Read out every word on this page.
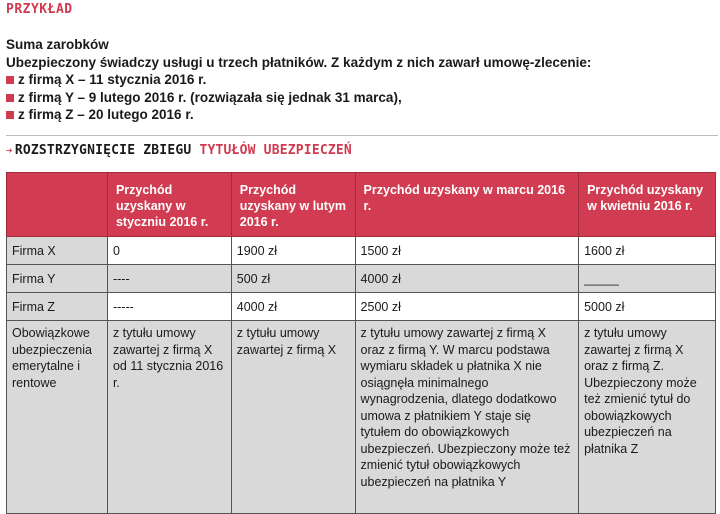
PRZYKŁAD
Suma zarobków
Ubezpieczony świadczy usługi u trzech płatników. Z każdym z nich zawarł umowę-zlecenie:
z firmą X – 11 stycznia 2016 r.
z firmą Y – 9 lutego 2016 r. (rozwiązała się jednak 31 marca),
z firmą Z – 20 lutego 2016 r.
➔ ROZSTRZYGNIĘCIE ZBIEGU TYTUŁÓW UBEZPIECZEŃ
	Przychód uzyskany w styczniu 2016 r.	Przychód uzyskany w lutym 2016 r.	Przychód uzyskany w marcu 2016 r.	Przychód uzyskany w kwietniu 2016 r.
Firma X	0	1900 zł	1500 zł	1600 zł
Firma Y	----	500 zł	4000 zł	_____
Firma Z	-----	4000 zł	2500 zł	5000 zł
Obowiązkowe ubezpieczenia emerytalne i rentowe	z tytułu umowy zawartej z firmą X od 11 stycznia 2016 r.	z tytułu umowy zawartej z firmą X	z tytułu umowy zawartej z firmą X oraz z firmą Y. W marcu podstawa wymiaru składek u płatnika X nie osiągnęła minimalnego wynagrodzenia, dlatego dodatkowo umowa z płatnikiem Y staje się tytułem do obowiązkowych ubezpieczeń. Ubezpieczony może też zmienić tytuł obowiązkowych ubezpieczeń na płatnika Y	z tytułu umowy zawartej z firmą X oraz z firmą Z. Ubezpieczony może też zmienić tytuł do obowiązkowych ubezpieczeń na płatnika Z
